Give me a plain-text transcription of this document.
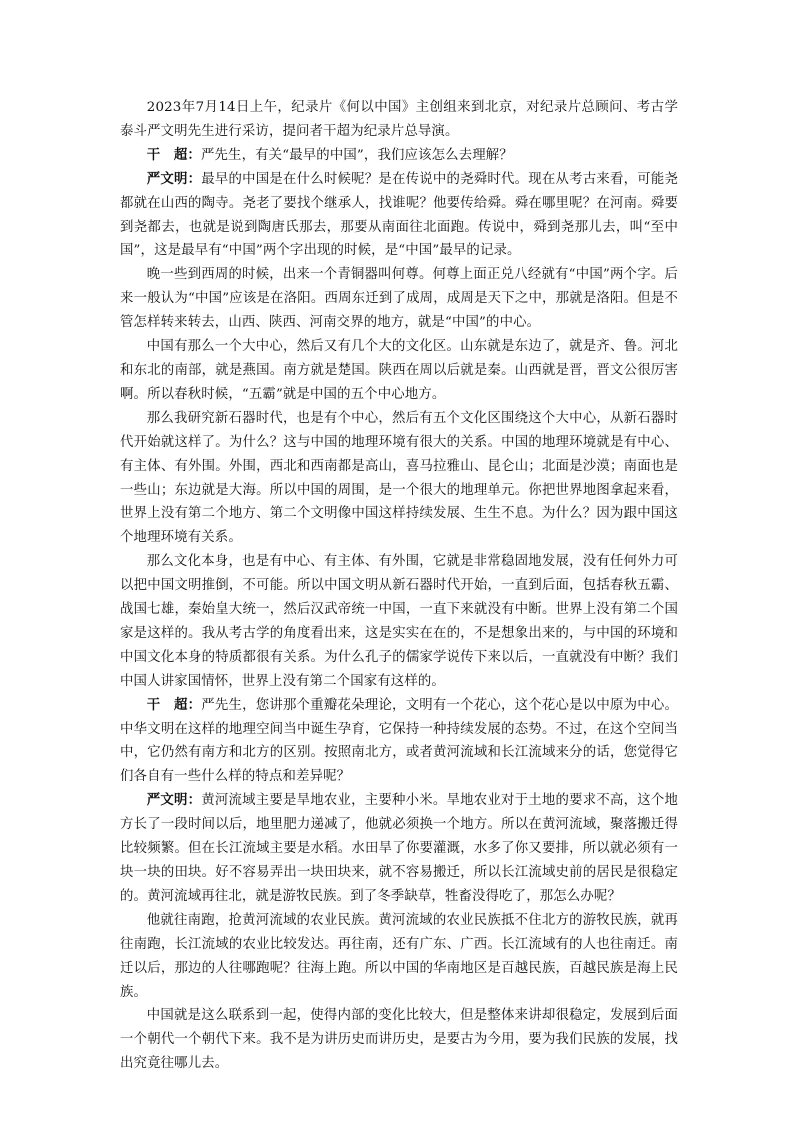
2023年7月14日上午，纪录片《何以中国》主创组来到北京，对纪录片总顾问、考古学泰斗严文明先生进行采访，提问者干超为纪录片总导演。

干　超：严先生，有关“最早的中国”，我们应该怎么去理解？

严文明：最早的中国是在什么时候呢？是在传说中的尧舜时代。现在从考古来看，可能尧都就在山西的陶寺。尧老了要找个继承人，找谁呢？他要传给舜。舜在哪里呢？在河南。舜要到尧都去，也就是说到陶唐氏那去，那要从南面往北面跑。传说中，舜到尧那儿去，叫“至中国”，这是最早有“中国”两个字出现的时候，是“中国”最早的记录。

晚一些到西周的时候，出来一个青铜器叫何尊。何尊上面正兑八经就有“中国”两个字。后来一般认为“中国”应该是在洛阳。西周东迁到了成周，成周是天下之中，那就是洛阳。但是不管怎样转来转去，山西、陕西、河南交界的地方，就是“中国”的中心。

中国有那么一个大中心，然后又有几个大的文化区。山东就是东边了，就是齐、鲁。河北和东北的南部，就是燕国。南方就是楚国。陕西在周以后就是秦。山西就是晋，晋文公很厉害啊。所以春秋时候，“五霸”就是中国的五个中心地方。

那么我研究新石器时代，也是有个中心，然后有五个文化区围绕这个大中心，从新石器时代开始就这样了。为什么？这与中国的地理环境有很大的关系。中国的地理环境就是有中心、有主体、有外围。外围，西北和西南都是高山，喜马拉雅山、昆仑山；北面是沙漠；南面也是一些山；东边就是大海。所以中国的周围，是一个很大的地理单元。你把世界地图拿起来看，世界上没有第二个地方、第二个文明像中国这样持续发展、生生不息。为什么？因为跟中国这个地理环境有关系。

那么文化本身，也是有中心、有主体、有外围，它就是非常稳固地发展，没有任何外力可以把中国文明推倒，不可能。所以中国文明从新石器时代开始，一直到后面，包括春秋五霸、战国七雄，秦始皇大统一，然后汉武帝统一中国，一直下来就没有中断。世界上没有第二个国家是这样的。我从考古学的角度看出来，这是实实在在的，不是想象出来的，与中国的环境和中国文化本身的特质都很有关系。为什么孔子的儒家学说传下来以后，一直就没有中断？我们中国人讲家国情怀，世界上没有第二个国家有这样的。

干　超：严先生，您讲那个重瓣花朵理论，文明有一个花心，这个花心是以中原为中心。中华文明在这样的地理空间当中诞生孕育，它保持一种持续发展的态势。不过，在这个空间当中，它仍然有南方和北方的区别。按照南北方，或者黄河流域和长江流域来分的话，您觉得它们各自有一些什么样的特点和差异呢？

严文明：黄河流域主要是旱地农业，主要种小米。旱地农业对于土地的要求不高，这个地方长了一段时间以后，地里肥力递减了，他就必须换一个地方。所以在黄河流域，聚落搬迁得比较频繁。但在长江流域主要是水稻。水田旱了你要灌溉，水多了你又要排，所以就必须有一块一块的田块。好不容易弄出一块田块来，就不容易搬迁，所以长江流域史前的居民是很稳定的。黄河流域再往北，就是游牧民族。到了冬季缺草，牲畜没得吃了，那怎么办呢？

他就往南跑，抢黄河流域的农业民族。黄河流域的农业民族抵不住北方的游牧民族，就再往南跑，长江流域的农业比较发达。再往南，还有广东、广西。长江流域有的人也往南迁。南迁以后，那边的人往哪跑呢？往海上跑。所以中国的华南地区是百越民族，百越民族是海上民族。

中国就是这么联系到一起，使得内部的变化比较大，但是整体来讲却很稳定，发展到后面一个朝代一个朝代下来。我不是为讲历史而讲历史，是要古为今用，要为我们民族的发展，找出究竟往哪儿去。
